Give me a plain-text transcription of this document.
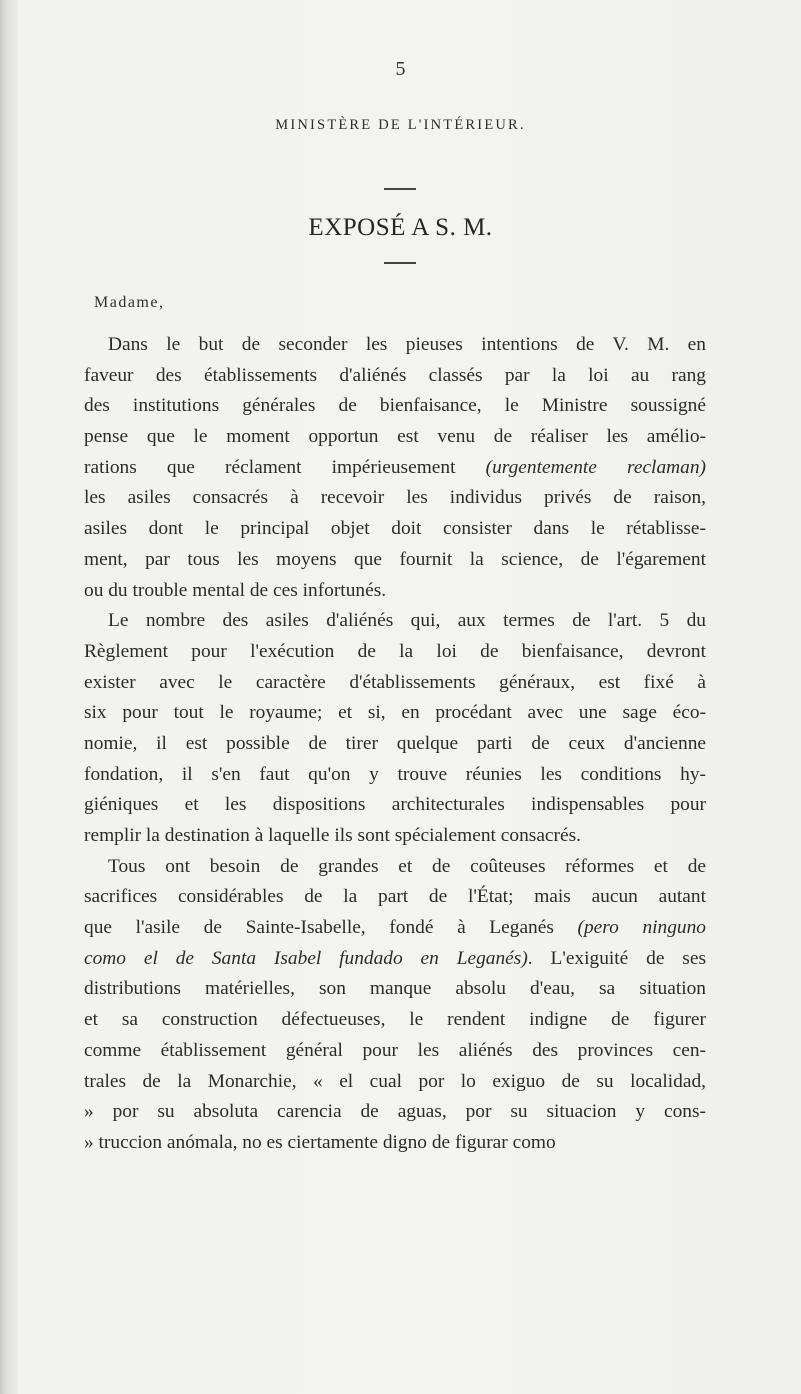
5
MINISTÈRE DE L'INTÉRIEUR.
EXPOSÉ A S. M.
Madame,
Dans le but de seconder les pieuses intentions de V. M. en
faveur des établissements d'aliénés classés par la loi au rang
des institutions générales de bienfaisance, le Ministre soussigné
pense que le moment opportun est venu de réaliser les amélio-
rations que réclament impérieusement (urgentemente reclaman)
les asiles consacrés à recevoir les individus privés de raison,
asiles dont le principal objet doit consister dans le rétablisse-
ment, par tous les moyens que fournit la science, de l'égarement
ou du trouble mental de ces infortunés.
Le nombre des asiles d'aliénés qui, aux termes de l'art. 5 du
Règlement pour l'exécution de la loi de bienfaisance, devront
exister avec le caractère d'établissements généraux, est fixé à
six pour tout le royaume; et si, en procédant avec une sage éco-
nomie, il est possible de tirer quelque parti de ceux d'ancienne
fondation, il s'en faut qu'on y trouve réunies les conditions hy-
giéniques et les dispositions architecturales indispensables pour
remplir la destination à laquelle ils sont spécialement consacrés.
Tous ont besoin de grandes et de coûteuses réformes et de
sacrifices considérables de la part de l'État; mais aucun autant
que l'asile de Sainte-Isabelle, fondé à Leganés (pero ninguno
como el de Santa Isabel fundado en Leganés). L'exiguité de ses
distributions matérielles, son manque absolu d'eau, sa situation
et sa construction défectueuses, le rendent indigne de figurer
comme établissement général pour les aliénés des provinces cen-
trales de la Monarchie, « el cual por lo exiguo de su localidad,
» por su absoluta carencia de aguas, por su situacion y cons-
» truccion anómala, no es ciertamente digno de figurar como
